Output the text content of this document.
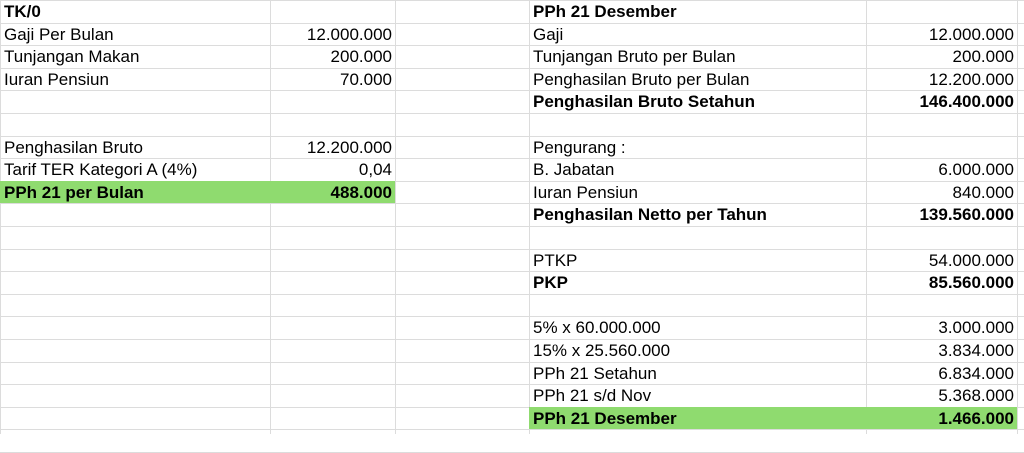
TK/0
Gaji Per Bulan	12.000.000
Tunjangan Makan	200.000
Iuran Pensiun	70.000
Penghasilan Bruto	12.200.000
Tarif TER Kategori A (4%)	0,04
PPh 21 per Bulan	488.000
PPh 21 Desember
Gaji	12.000.000
Tunjangan Bruto per Bulan	200.000
Penghasilan Bruto per Bulan	12.200.000
Penghasilan Bruto Setahun	146.400.000
Pengurang :
B. Jabatan	6.000.000
Iuran Pensiun	840.000
Penghasilan Netto per Tahun	139.560.000
PTKP	54.000.000
PKP	85.560.000
5% x 60.000.000	3.000.000
15% x 25.560.000	3.834.000
PPh 21 Setahun	6.834.000
PPh 21 s/d Nov	5.368.000
PPh 21 Desember	1.466.000
